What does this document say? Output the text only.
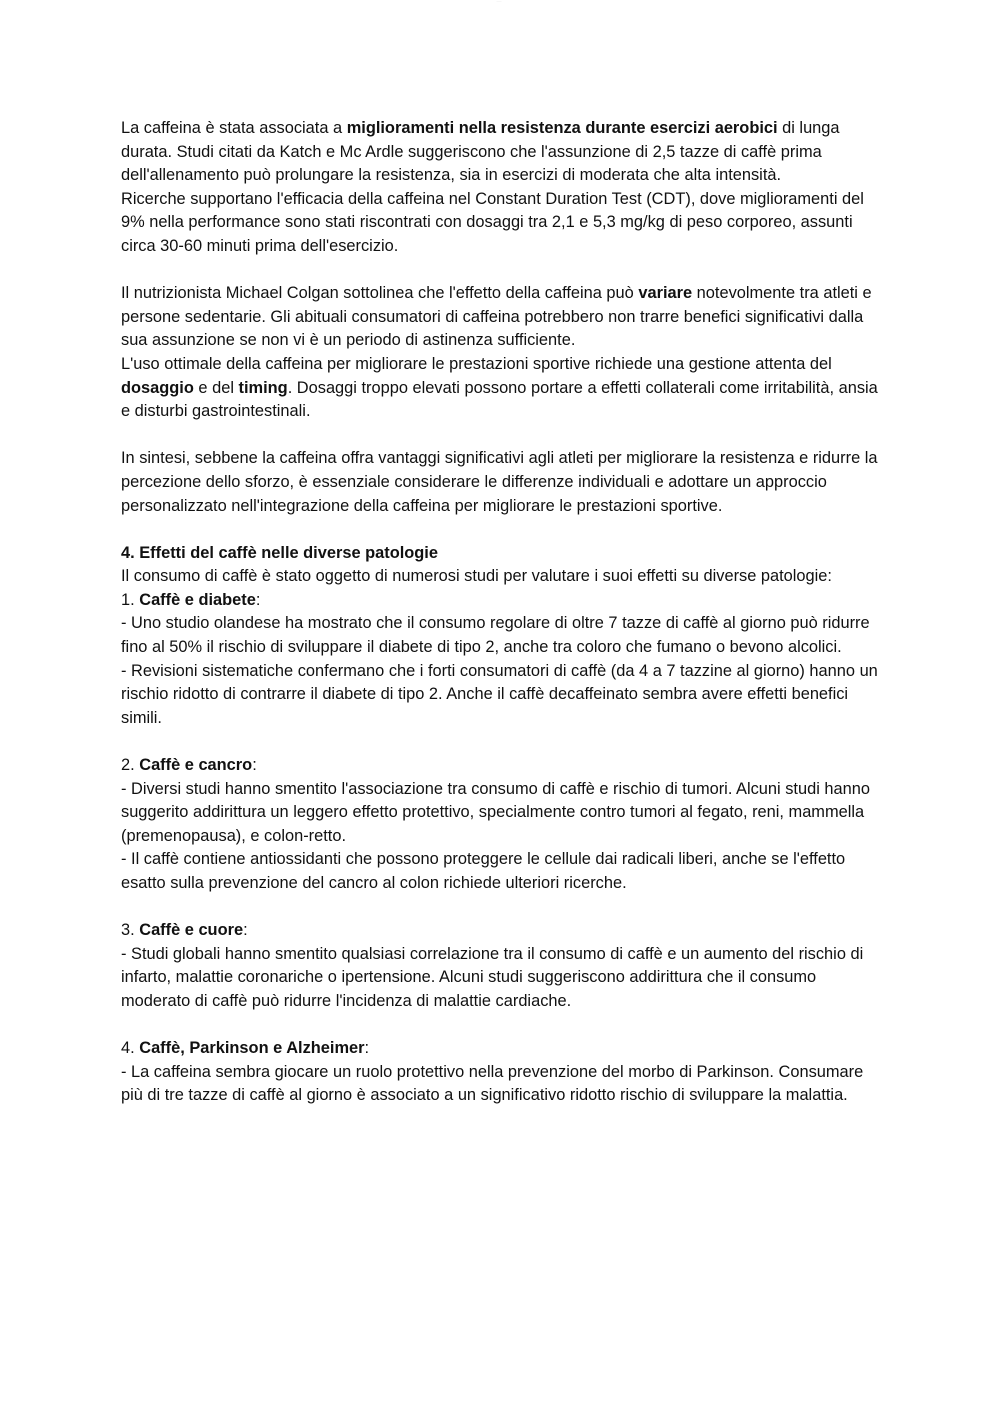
·····

La caffeina è stata associata a miglioramenti nella resistenza durante esercizi aerobici di lunga durata. Studi citati da Katch e Mc Ardle suggeriscono che l'assunzione di 2,5 tazze di caffè prima dell'allenamento può prolungare la resistenza, sia in esercizi di moderata che alta intensità.

Ricerche supportano l'efficacia della caffeina nel Constant Duration Test (CDT), dove miglioramenti del 9% nella performance sono stati riscontrati con dosaggi tra 2,1 e 5,3 mg/kg di peso corporeo, assunti circa 30-60 minuti prima dell'esercizio.

Il nutrizionista Michael Colgan sottolinea che l'effetto della caffeina può variare notevolmente tra atleti e persone sedentarie. Gli abituali consumatori di caffeina potrebbero non trarre benefici significativi dalla sua assunzione se non vi è un periodo di astinenza sufficiente.

L'uso ottimale della caffeina per migliorare le prestazioni sportive richiede una gestione attenta del dosaggio e del timing. Dosaggi troppo elevati possono portare a effetti collaterali come irritabilità, ansia e disturbi gastrointestinali.

In sintesi, sebbene la caffeina offra vantaggi significativi agli atleti per migliorare la resistenza e ridurre la percezione dello sforzo, è essenziale considerare le differenze individuali e adottare un approccio personalizzato nell'integrazione della caffeina per migliorare le prestazioni sportive.

4. Effetti del caffè nelle diverse patologie

Il consumo di caffè è stato oggetto di numerosi studi per valutare i suoi effetti su diverse patologie:

1. Caffè e diabete:

- Uno studio olandese ha mostrato che il consumo regolare di oltre 7 tazze di caffè al giorno può ridurre fino al 50% il rischio di sviluppare il diabete di tipo 2, anche tra coloro che fumano o bevono alcolici.

- Revisioni sistematiche confermano che i forti consumatori di caffè (da 4 a 7 tazzine al giorno) hanno un rischio ridotto di contrarre il diabete di tipo 2. Anche il caffè decaffeinato sembra avere effetti benefici simili.

2. Caffè e cancro:

- Diversi studi hanno smentito l'associazione tra consumo di caffè e rischio di tumori. Alcuni studi hanno suggerito addirittura un leggero effetto protettivo, specialmente contro tumori al fegato, reni, mammella (premenopausa), e colon-retto.

- Il caffè contiene antiossidanti che possono proteggere le cellule dai radicali liberi, anche se l'effetto esatto sulla prevenzione del cancro al colon richiede ulteriori ricerche.

3. Caffè e cuore:

- Studi globali hanno smentito qualsiasi correlazione tra il consumo di caffè e un aumento del rischio di infarto, malattie coronariche o ipertensione. Alcuni studi suggeriscono addirittura che il consumo moderato di caffè può ridurre l'incidenza di malattie cardiache.

4. Caffè, Parkinson e Alzheimer:

- La caffeina sembra giocare un ruolo protettivo nella prevenzione del morbo di Parkinson. Consumare più di tre tazze di caffè al giorno è associato a un significativo ridotto rischio di sviluppare la malattia.
